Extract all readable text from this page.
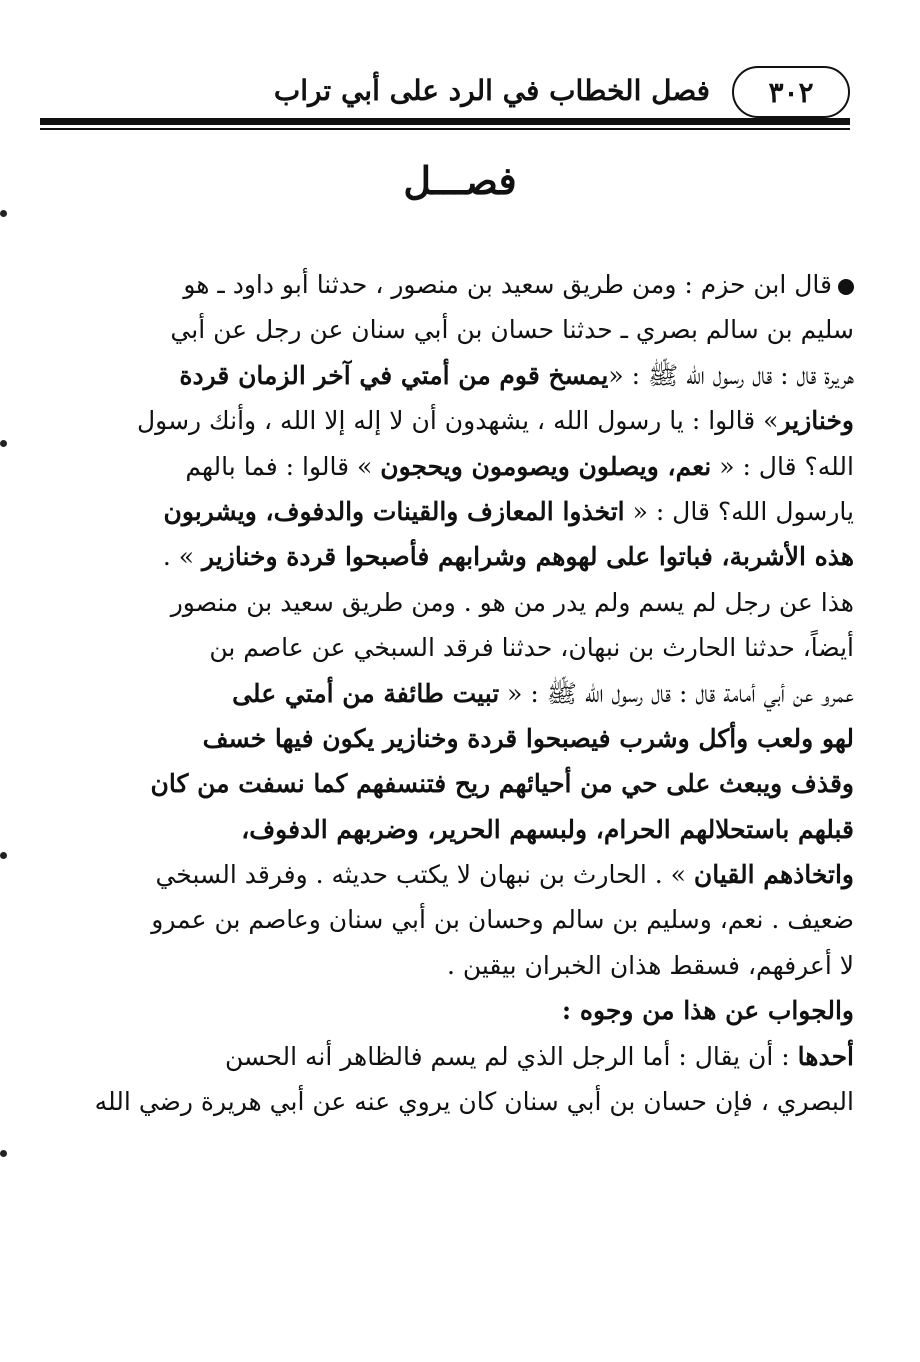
فصل الخطاب في الرد على أبي تراب ٣٠٢
فصـــل
قال ابن حزم : ومن طريق سعيد بن منصور ، حدثنا أبو داود ـ هو
سليم بن سالم بصري ـ حدثنا حسان بن أبي سنان عن رجل عن أبي
هريرة قال : قال رسول الله ﷺ : «يمسخ قوم من أمتي في آخر الزمان قردة
وخنازير» قالوا : يا رسول الله ، يشهدون أن لا إله إلا الله ، وأنك رسول
الله؟ قال : « نعم، ويصلون ويصومون ويحجون » قالوا : فما بالهم
يارسول الله؟ قال : « اتخذوا المعازف والقينات والدفوف، ويشربون
هذه الأشربة، فباتوا على لهوهم وشرابهم فأصبحوا قردة وخنازير » .
هذا عن رجل لم يسم ولم يدر من هو . ومن طريق سعيد بن منصور
أيضاً، حدثنا الحارث بن نبهان، حدثنا فرقد السبخي عن عاصم بن
عمرو عن أبي أمامة قال : قال رسول الله ﷺ : « تبيت طائفة من أمتي على
لهو ولعب وأكل وشرب فيصبحوا قردة وخنازير يكون فيها خسف
وقذف ويبعث على حي من أحيائهم ريح فتنسفهم كما نسفت من كان
قبلهم باستحلالهم الحرام، ولبسهم الحرير، وضربهم الدفوف،
واتخاذهم القيان » . الحارث بن نبهان لا يكتب حديثه . وفرقد السبخي
ضعيف . نعم، وسليم بن سالم وحسان بن أبي سنان وعاصم بن عمرو
لا أعرفهم، فسقط هذان الخبران بيقين .
والجواب عن هذا من وجوه :
أحدها : أن يقال : أما الرجل الذي لم يسم فالظاهر أنه الحسن
البصري ، فإن حسان بن أبي سنان كان يروي عنه عن أبي هريرة رضي الله
